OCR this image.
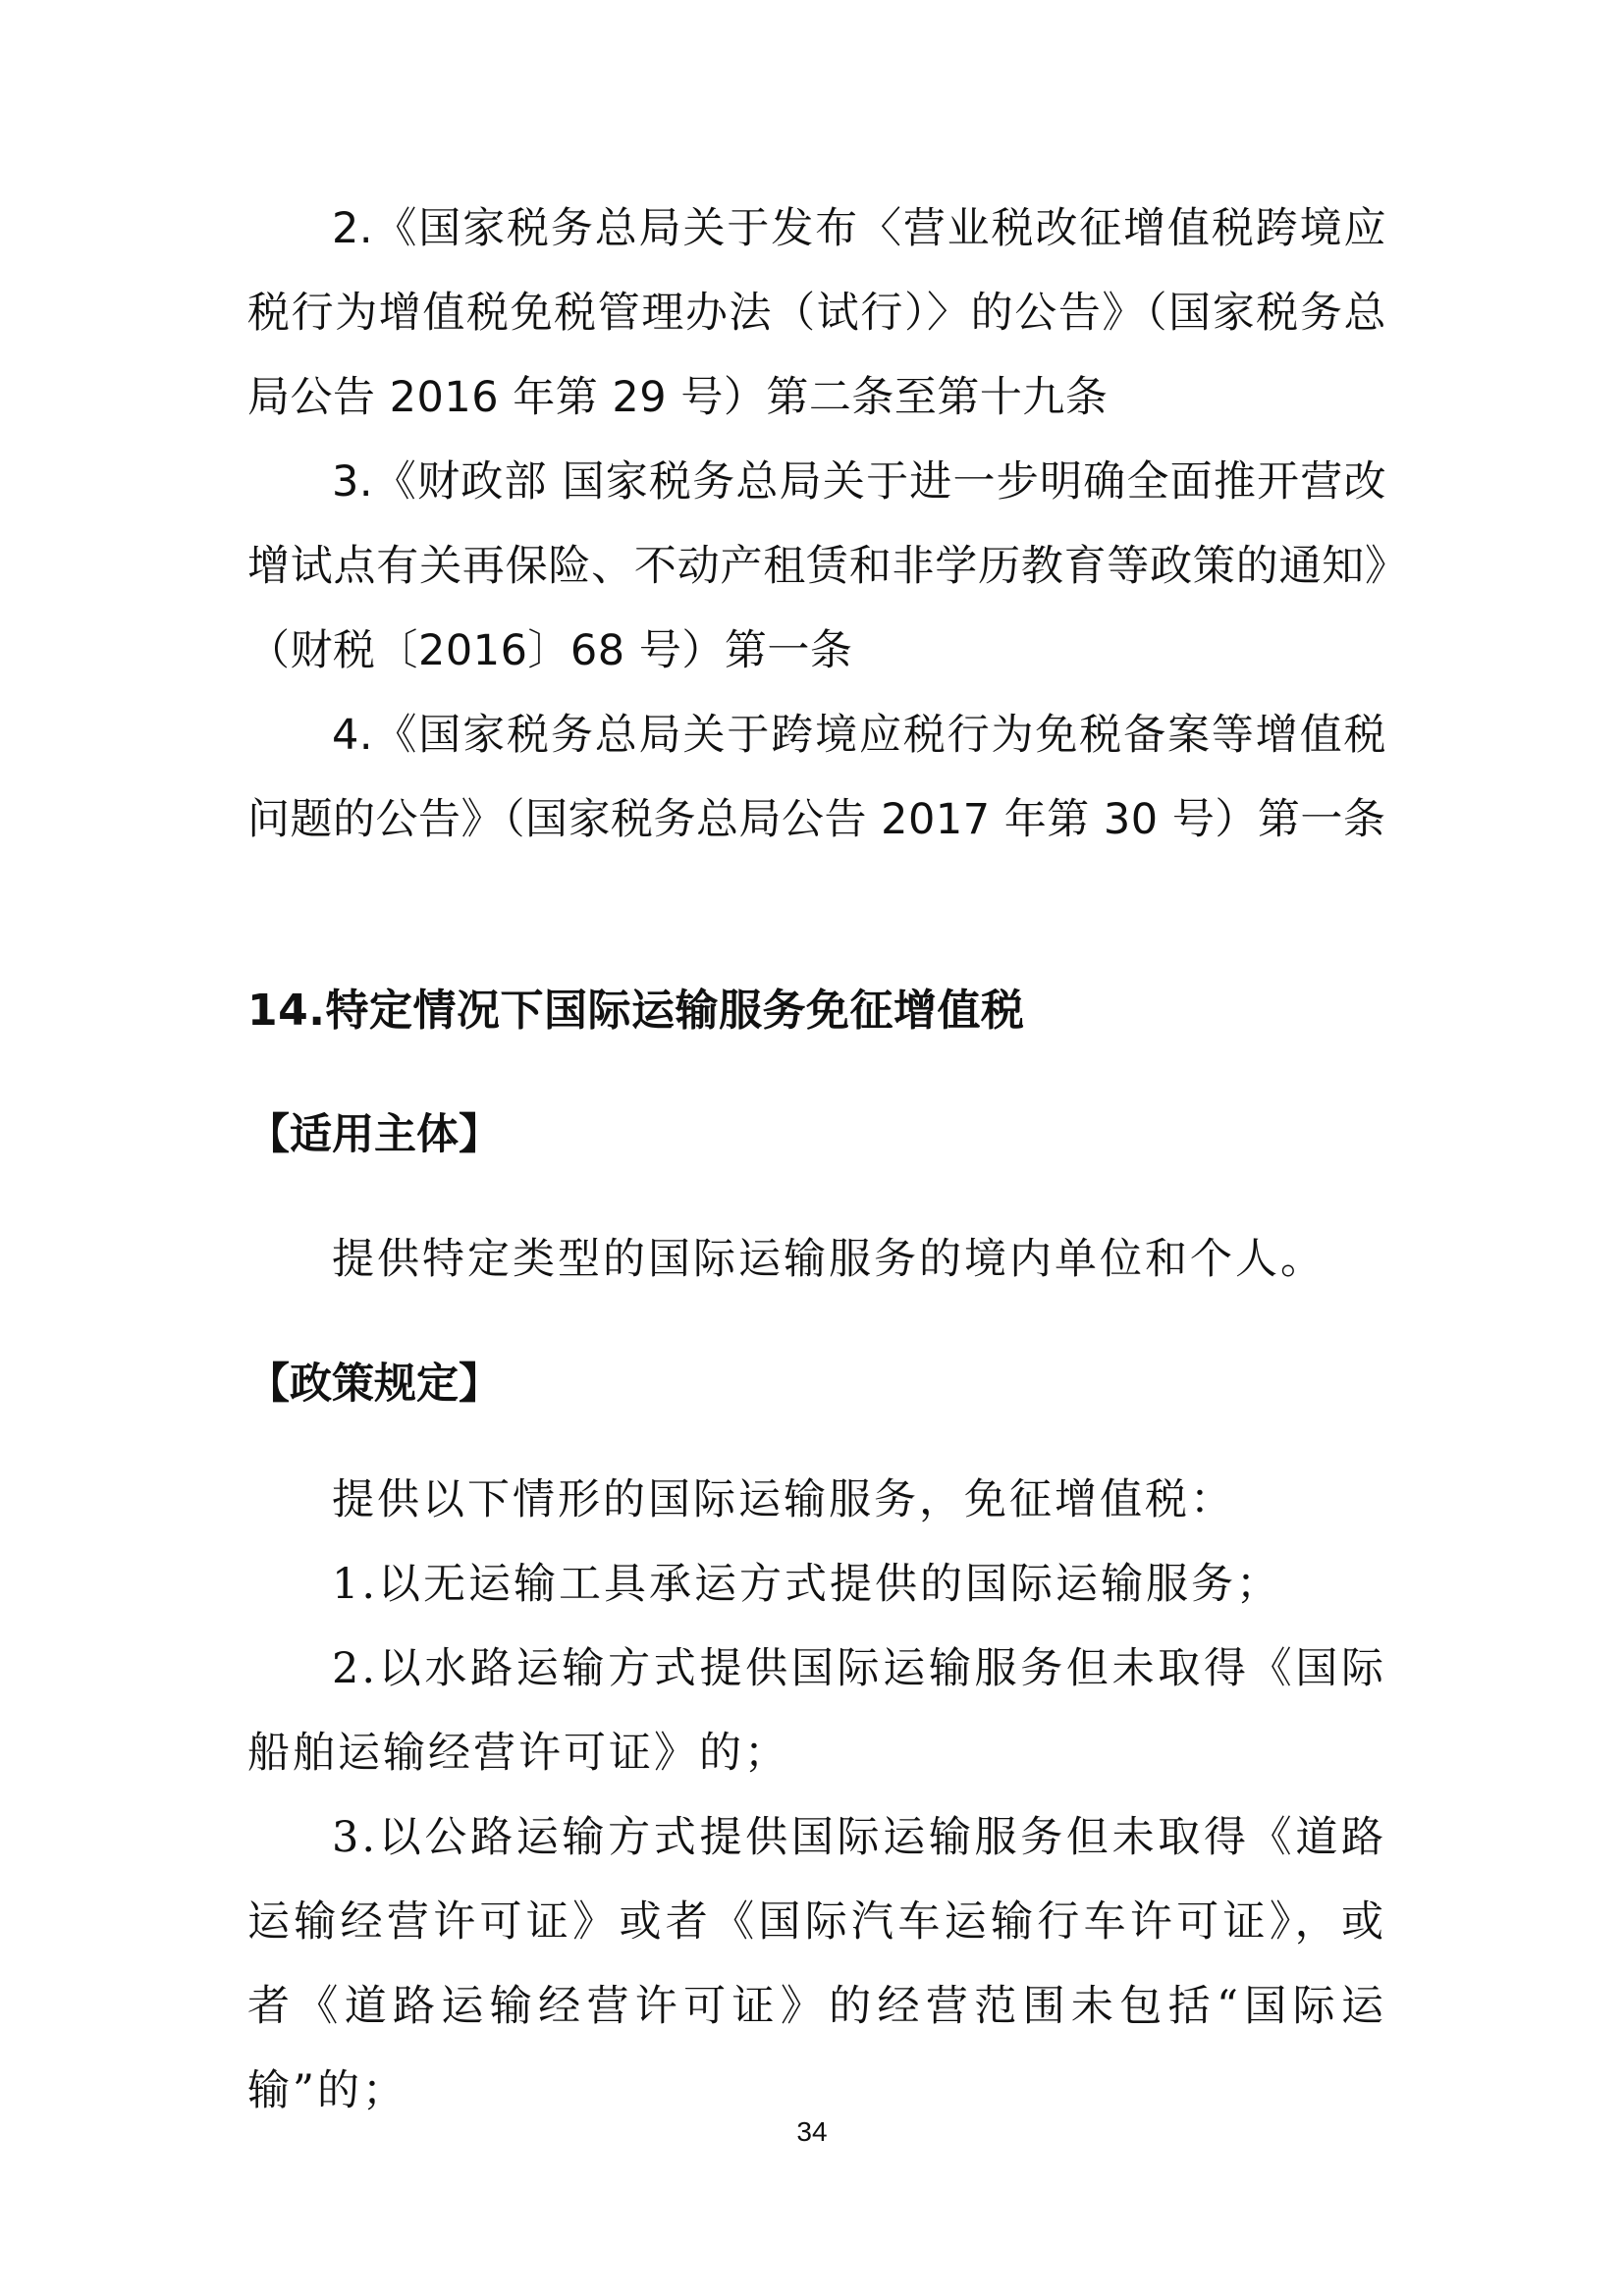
2.《国家税务总局关于发布〈营业税改征增值税跨境应税行为增值税免税管理办法（试行）〉的公告》（国家税务总局公告 2016 年第 29 号）第二条至第十九条

3.《财政部 国家税务总局关于进一步明确全面推开营改增试点有关再保险、不动产租赁和非学历教育等政策的通知》（财税〔2016〕68 号）第一条

4.《国家税务总局关于跨境应税行为免税备案等增值税问题的公告》（国家税务总局公告 2017 年第 30 号）第一条

14.特定情况下国际运输服务免征增值税
【适用主体】

提供特定类型的国际运输服务的境内单位和个人。

【政策规定】

提供以下情形的国际运输服务，免征增值税：

1.以无运输工具承运方式提供的国际运输服务；

2.以水路运输方式提供国际运输服务但未取得《国际船舶运输经营许可证》的；

3.以公路运输方式提供国际运输服务但未取得《道路运输经营许可证》或者《国际汽车运输行车许可证》，或者《道路运输经营许可证》的经营范围未包括“国际运输”的；

34
